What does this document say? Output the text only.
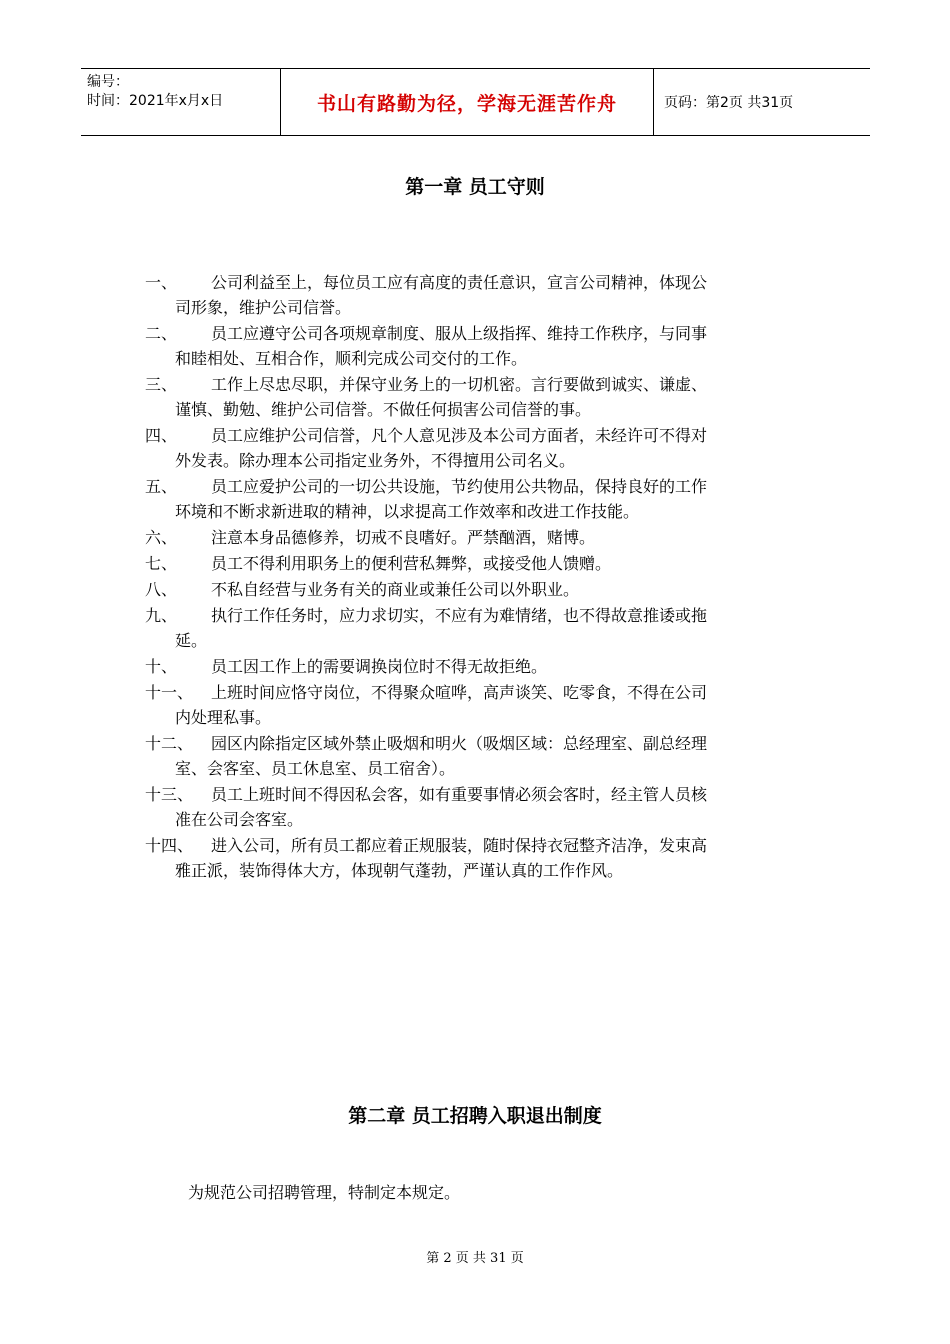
编号：
时间：2021年x月x日	书山有路勤为径，学海无涯苦作舟	页码：第2页 共31页
第一章 员工守则
一、	公司利益至上，每位员工应有高度的责任意识，宣言公司精神，体现公
司形象，维护公司信誉。
二、	员工应遵守公司各项规章制度、服从上级指挥、维持工作秩序，与同事
和睦相处、互相合作，顺利完成公司交付的工作。
三、	工作上尽忠尽职，并保守业务上的一切机密。言行要做到诚实、谦虚、
谨慎、勤勉、维护公司信誉。不做任何损害公司信誉的事。
四、	员工应维护公司信誉，凡个人意见涉及本公司方面者，未经许可不得对
外发表。除办理本公司指定业务外，不得擅用公司名义。
五、	员工应爱护公司的一切公共设施，节约使用公共物品，保持良好的工作
环境和不断求新进取的精神，以求提高工作效率和改进工作技能。
六、	注意本身品德修养，切戒不良嗜好。严禁酗酒，赌博。
七、	员工不得利用职务上的便利营私舞弊，或接受他人馈赠。
八、	不私自经营与业务有关的商业或兼任公司以外职业。
九、	执行工作任务时，应力求切实，不应有为难情绪，也不得故意推诿或拖
延。
十、	员工因工作上的需要调换岗位时不得无故拒绝。
十一、	上班时间应恪守岗位，不得聚众喧哗，高声谈笑、吃零食，不得在公司
内处理私事。
十二、	园区内除指定区域外禁止吸烟和明火（吸烟区域：总经理室、副总经理
室、会客室、员工休息室、员工宿舍）。
十三、	员工上班时间不得因私会客，如有重要事情必须会客时，经主管人员核
准在公司会客室。
十四、	进入公司，所有员工都应着正规服装，随时保持衣冠整齐洁净，发束高
雅正派，装饰得体大方，体现朝气蓬勃，严谨认真的工作作风。
第二章 员工招聘入职退出制度
为规范公司招聘管理，特制定本规定。
第 2 页 共 31 页
